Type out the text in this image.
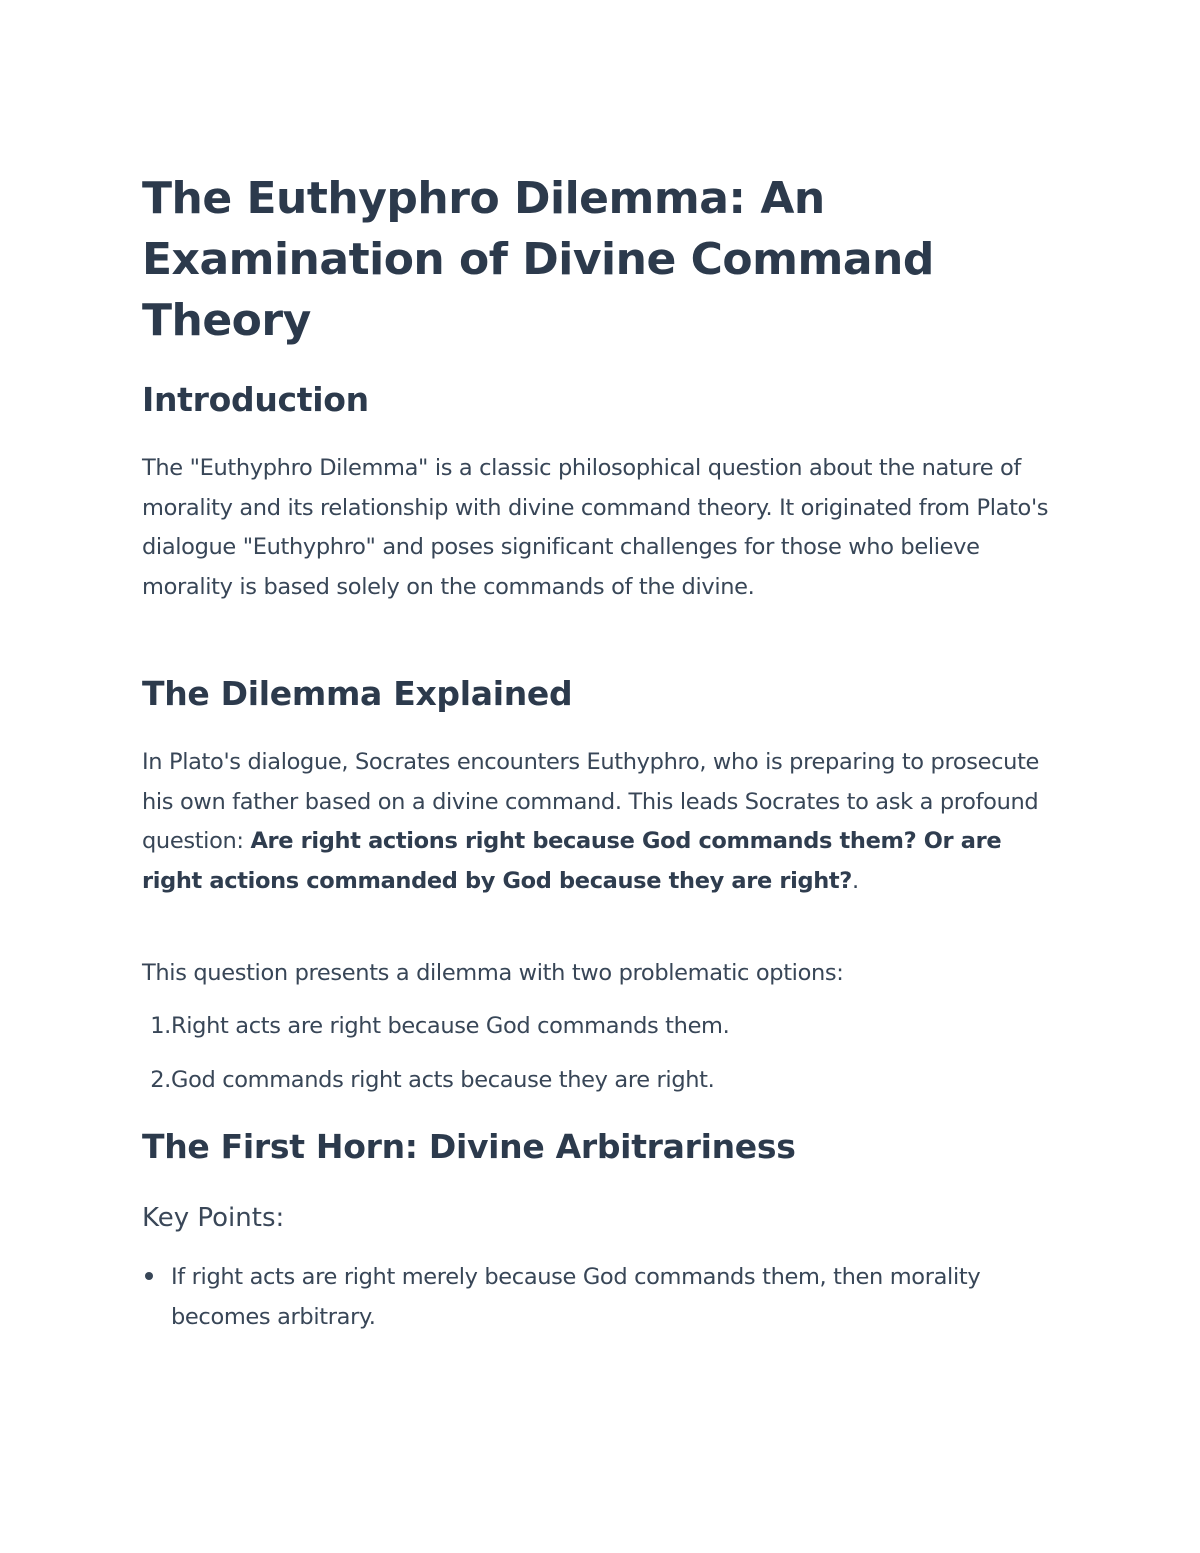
The Euthyphro Dilemma: An
Examination of Divine Command
Theory
Introduction

The "Euthyphro Dilemma" is a classic philosophical question about the nature of morality and its relationship with divine command theory. It originated from Plato's dialogue "Euthyphro" and poses significant challenges for those who believe morality is based solely on the commands of the divine.

The Dilemma Explained

In Plato's dialogue, Socrates encounters Euthyphro, who is preparing to prosecute his own father based on a divine command. This leads Socrates to ask a profound question: Are right actions right because God commands them? Or are right actions commanded by God because they are right?.

This question presents a dilemma with two problematic options:

1. Right acts are right because God commands them.
2. God commands right acts because they are right.
The First Horn: Divine Arbitrariness
Key Points:
If right acts are right merely because God commands them, then morality becomes arbitrary.
